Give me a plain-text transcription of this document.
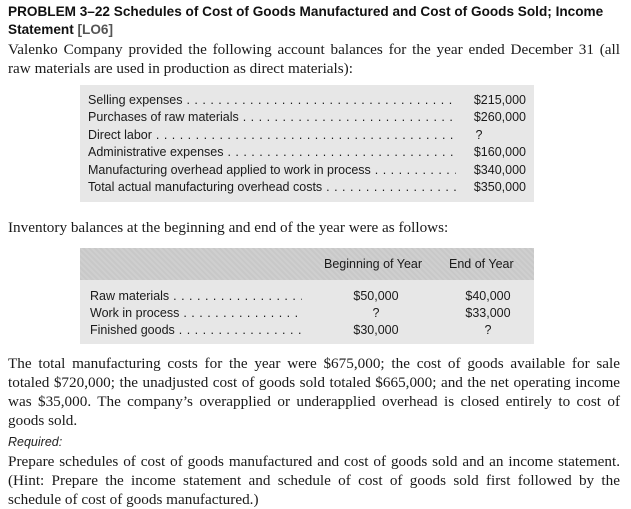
PROBLEM 3–22 Schedules of Cost of Goods Manufactured and Cost of Goods Sold; Income Statement [LO6]
Valenko Company provided the following account balances for the year ended December 31 (all raw materials are used in production as direct materials):
Selling expenses . . .	$215,000
Purchases of raw materials . . .	$260,000
Direct labor . . .	?
Administrative expenses . . .	$160,000
Manufacturing overhead applied to work in process . . .	$340,000
Total actual manufacturing overhead costs . . .	$350,000
Inventory balances at the beginning and end of the year were as follows:
Beginning of Year End of Year
Raw materials . . .	$50,000	$40,000
Work in process . . .	?	$33,000
Finished goods . . .	$30,000	?
The total manufacturing costs for the year were $675,000; the cost of goods available for sale totaled $720,000; the unadjusted cost of goods sold totaled $665,000; and the net operating income was $35,000. The company’s overapplied or underapplied overhead is closed entirely to cost of goods sold.
Required:
Prepare schedules of cost of goods manufactured and cost of goods sold and an income statement. (Hint: Prepare the income statement and schedule of cost of goods sold first followed by the schedule of cost of goods manufactured.)
